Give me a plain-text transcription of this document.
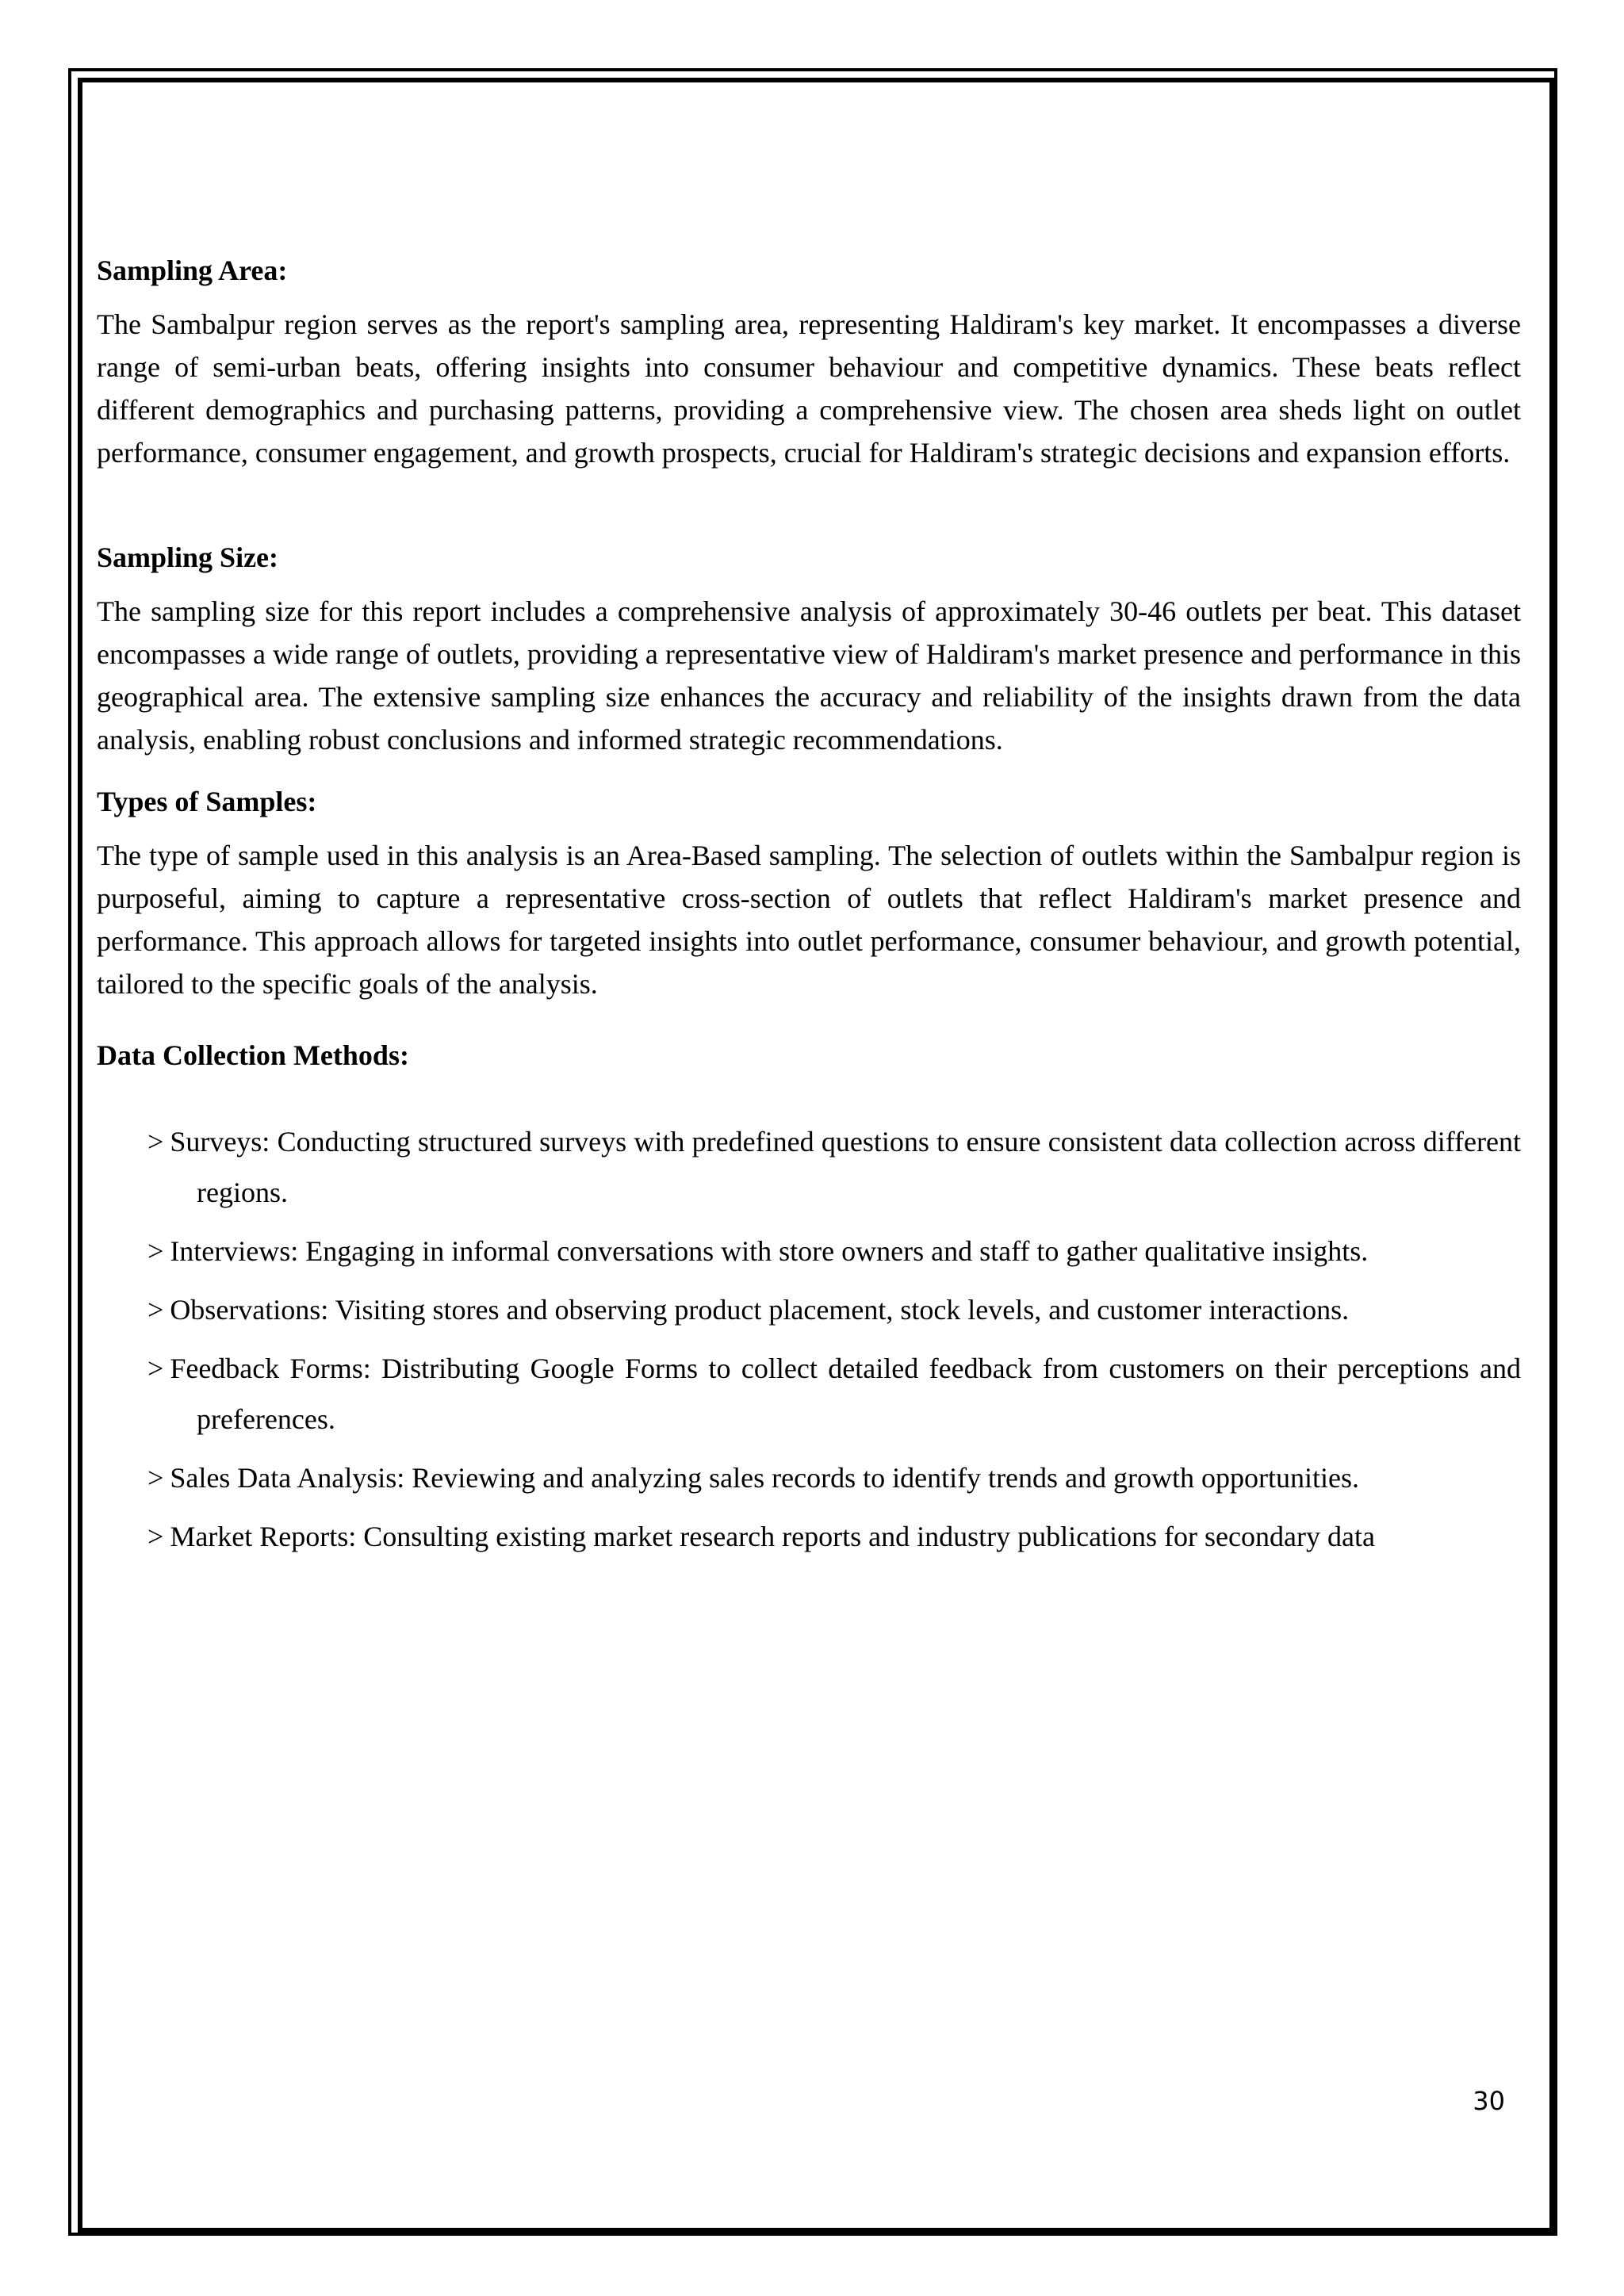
Sampling Area:

The Sambalpur region serves as the report's sampling area, representing Haldiram's key market. It encompasses a diverse range of semi-urban beats, offering insights into consumer behaviour and competitive dynamics. These beats reflect different demographics and purchasing patterns, providing a comprehensive view. The chosen area sheds light on outlet performance, consumer engagement, and growth prospects, crucial for Haldiram's strategic decisions and expansion efforts.

Sampling Size:

The sampling size for this report includes a comprehensive analysis of approximately 30-46 outlets per beat. This dataset encompasses a wide range of outlets, providing a representative view of Haldiram's market presence and performance in this geographical area. The extensive sampling size enhances the accuracy and reliability of the insights drawn from the data analysis, enabling robust conclusions and informed strategic recommendations.

Types of Samples:

The type of sample used in this analysis is an Area-Based sampling. The selection of outlets within the Sambalpur region is purposeful, aiming to capture a representative cross-section of outlets that reflect Haldiram's market presence and performance. This approach allows for targeted insights into outlet performance, consumer behaviour, and growth potential, tailored to the specific goals of the analysis.

Data Collection Methods:

> Surveys: Conducting structured surveys with predefined questions to ensure consistent data collection across different regions.
> Interviews: Engaging in informal conversations with store owners and staff to gather qualitative insights.
> Observations: Visiting stores and observing product placement, stock levels, and customer interactions.
> Feedback Forms: Distributing Google Forms to collect detailed feedback from customers on their perceptions and preferences.
> Sales Data Analysis: Reviewing and analyzing sales records to identify trends and growth opportunities.
> Market Reports: Consulting existing market research reports and industry publications for secondary data
30
